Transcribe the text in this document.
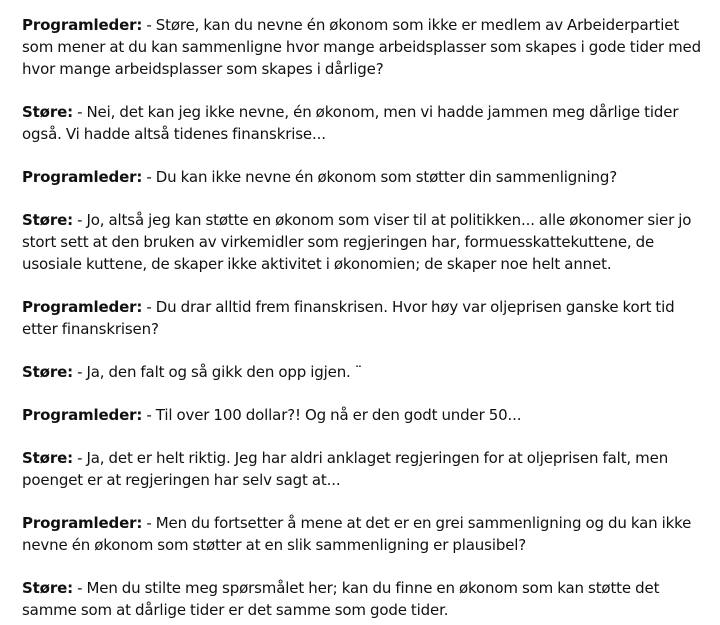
Programleder: - Støre, kan du nevne én økonom som ikke er medlem av Arbeiderpartiet som mener at du kan sammenligne hvor mange arbeidsplasser som skapes i gode tider med hvor mange arbeidsplasser som skapes i dårlige?

Støre: - Nei, det kan jeg ikke nevne, én økonom, men vi hadde jammen meg dårlige tider også. Vi hadde altså tidenes finanskrise...

Programleder: - Du kan ikke nevne én økonom som støtter din sammenligning?

Støre: - Jo, altså jeg kan støtte en økonom som viser til at politikken... alle økonomer sier jo stort sett at den bruken av virkemidler som regjeringen har, formuesskattekuttene, de usosiale kuttene, de skaper ikke aktivitet i økonomien; de skaper noe helt annet.

Programleder: - Du drar alltid frem finanskrisen. Hvor høy var oljeprisen ganske kort tid etter finanskrisen?

Støre: - Ja, den falt og så gikk den opp igjen. ¨

Programleder: - Til over 100 dollar?! Og nå er den godt under 50...

Støre: - Ja, det er helt riktig. Jeg har aldri anklaget regjeringen for at oljeprisen falt, men poenget er at regjeringen har selv sagt at...

Programleder: - Men du fortsetter å mene at det er en grei sammenligning og du kan ikke nevne én økonom som støtter at en slik sammenligning er plausibel?

Støre: - Men du stilte meg spørsmålet her; kan du finne en økonom som kan støtte det samme som at dårlige tider er det samme som gode tider.
